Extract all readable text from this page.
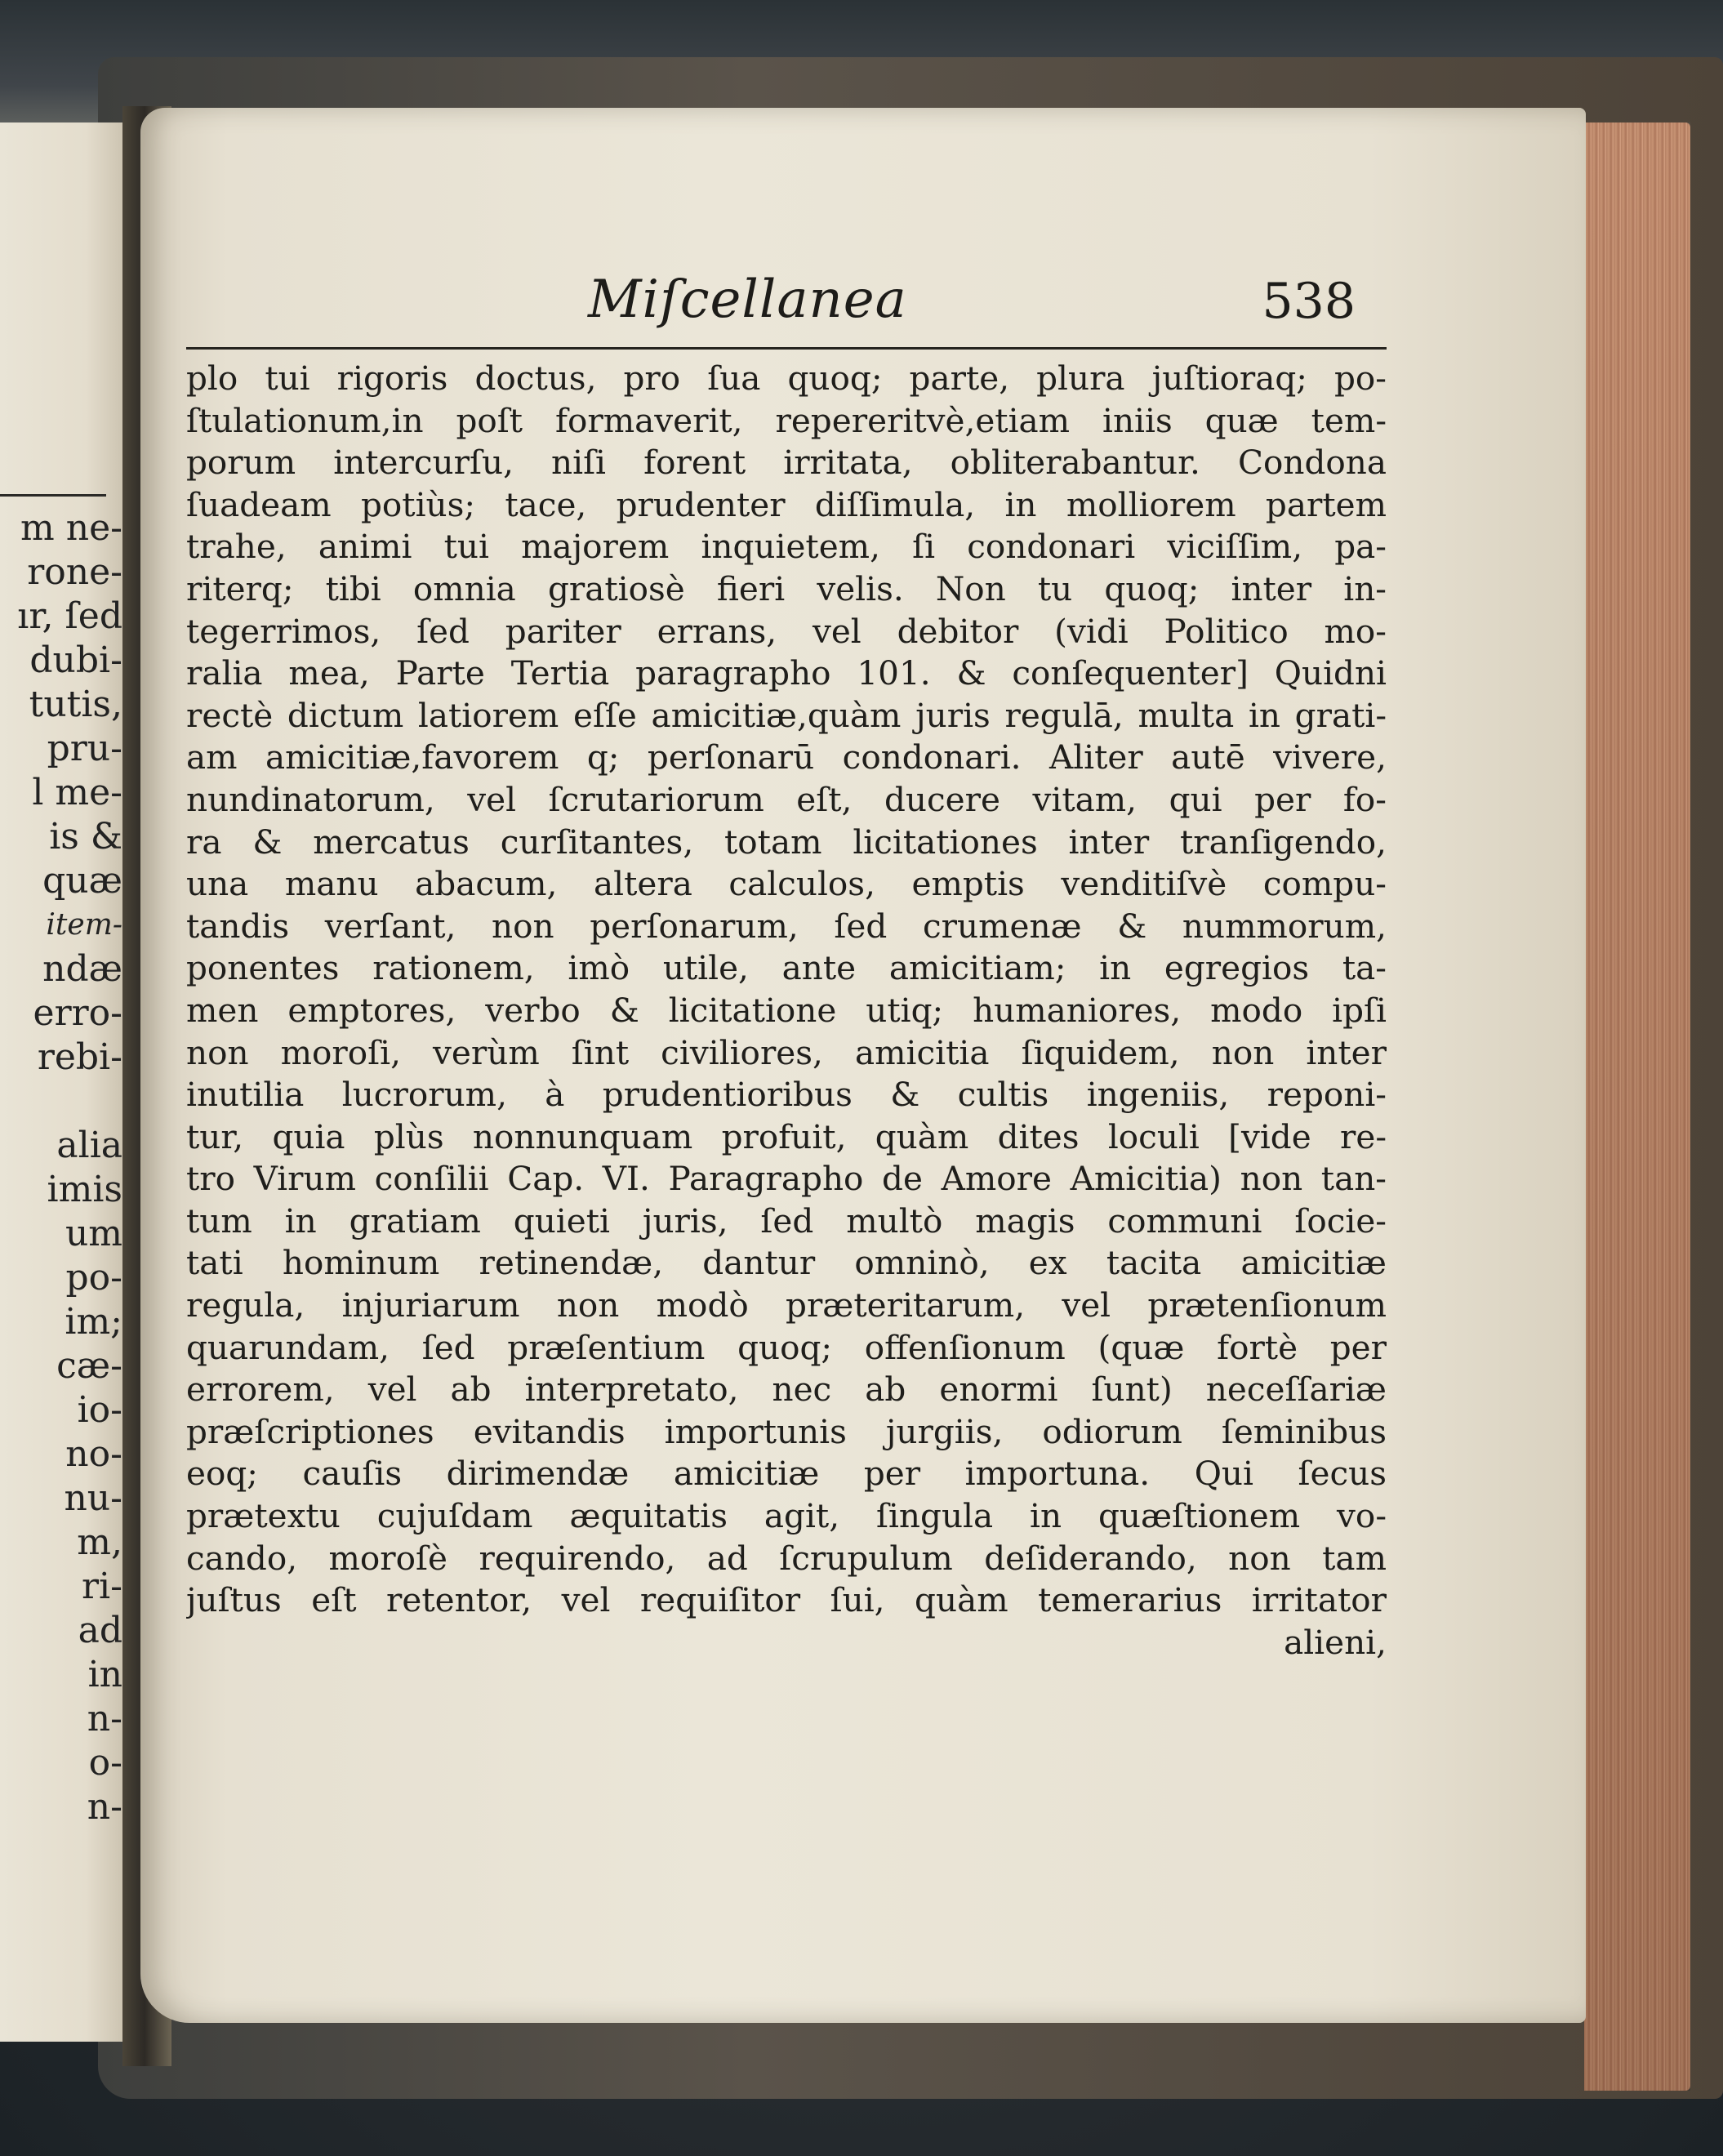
m ne-
rone-
ır, ſed
dubi-
tutis,
pru-
l me-
is &
quæ
item-
ndæ
erro-
rebi-
alia
imis
um
po-
im;
cæ-
io-
no-
nu-
m,
ri-
ad
in
n-
o-
n-
Miſcellanea	538
plo tui rigoris doctus, pro ſua quoq; parte, plura juſtioraq; po-
ſtulationum,in poſt formaverit, repereritvè,etiam iniis quæ tem-
porum intercurſu, niſi forent irritata, obliterabantur. Condona
ſuadeam potiùs; tace, prudenter diſſimula, in molliorem partem
trahe, animi tui majorem inquietem, ſi condonari viciſſim, pa-
riterq; tibi omnia gratiosè fieri velis. Non tu quoq; inter in-
tegerrimos, ſed pariter errans, vel debitor (vidi Politico mo-
ralia mea, Parte Tertia paragrapho 101. & conſequenter] Quidni
rectè dictum latiorem eſſe amicitiæ,quàm juris regulā, multa in grati-
am amicitiæ,favorem q; perſonarū condonari. Aliter autē vivere,
nundinatorum, vel ſcrutariorum eſt, ducere vitam, qui per fo-
ra & mercatus curſitantes, totam licitationes inter tranſigendo,
una manu abacum, altera calculos, emptis venditiſvè compu-
tandis verſant, non perſonarum, ſed crumenæ & nummorum,
ponentes rationem, imò utile, ante amicitiam; in egregios ta-
men emptores, verbo & licitatione utiq; humaniores, modo ipſi
non moroſi, verùm ſint civiliores, amicitia ſiquidem, non inter
inutilia lucrorum, à prudentioribus & cultis ingeniis, reponi-
tur, quia plùs nonnunquam profuit, quàm dites loculi [vide re-
tro Virum conſilii Cap. VI. Paragrapho de Amore Amicitia) non tan-
tum in gratiam quieti juris, ſed multò magis communi ſocie-
tati hominum retinendæ, dantur omninò, ex tacita amicitiæ
regula, injuriarum non modò præteritarum, vel prætenſionum
quarundam, ſed præſentium quoq; offenſionum (quæ fortè per
errorem, vel ab interpretato, nec ab enormi ſunt) neceſſariæ
præſcriptiones evitandis importunis jurgiis, odiorum ſeminibus
eoq; cauſis dirimendæ amicitiæ per importuna. Qui ſecus
prætextu cujuſdam æquitatis agit, ſingula in quæſtionem vo-
cando, moroſè requirendo, ad ſcrupulum deſiderando, non tam
juſtus eſt retentor, vel requiſitor ſui, quàm temerarius irritator
alieni,
